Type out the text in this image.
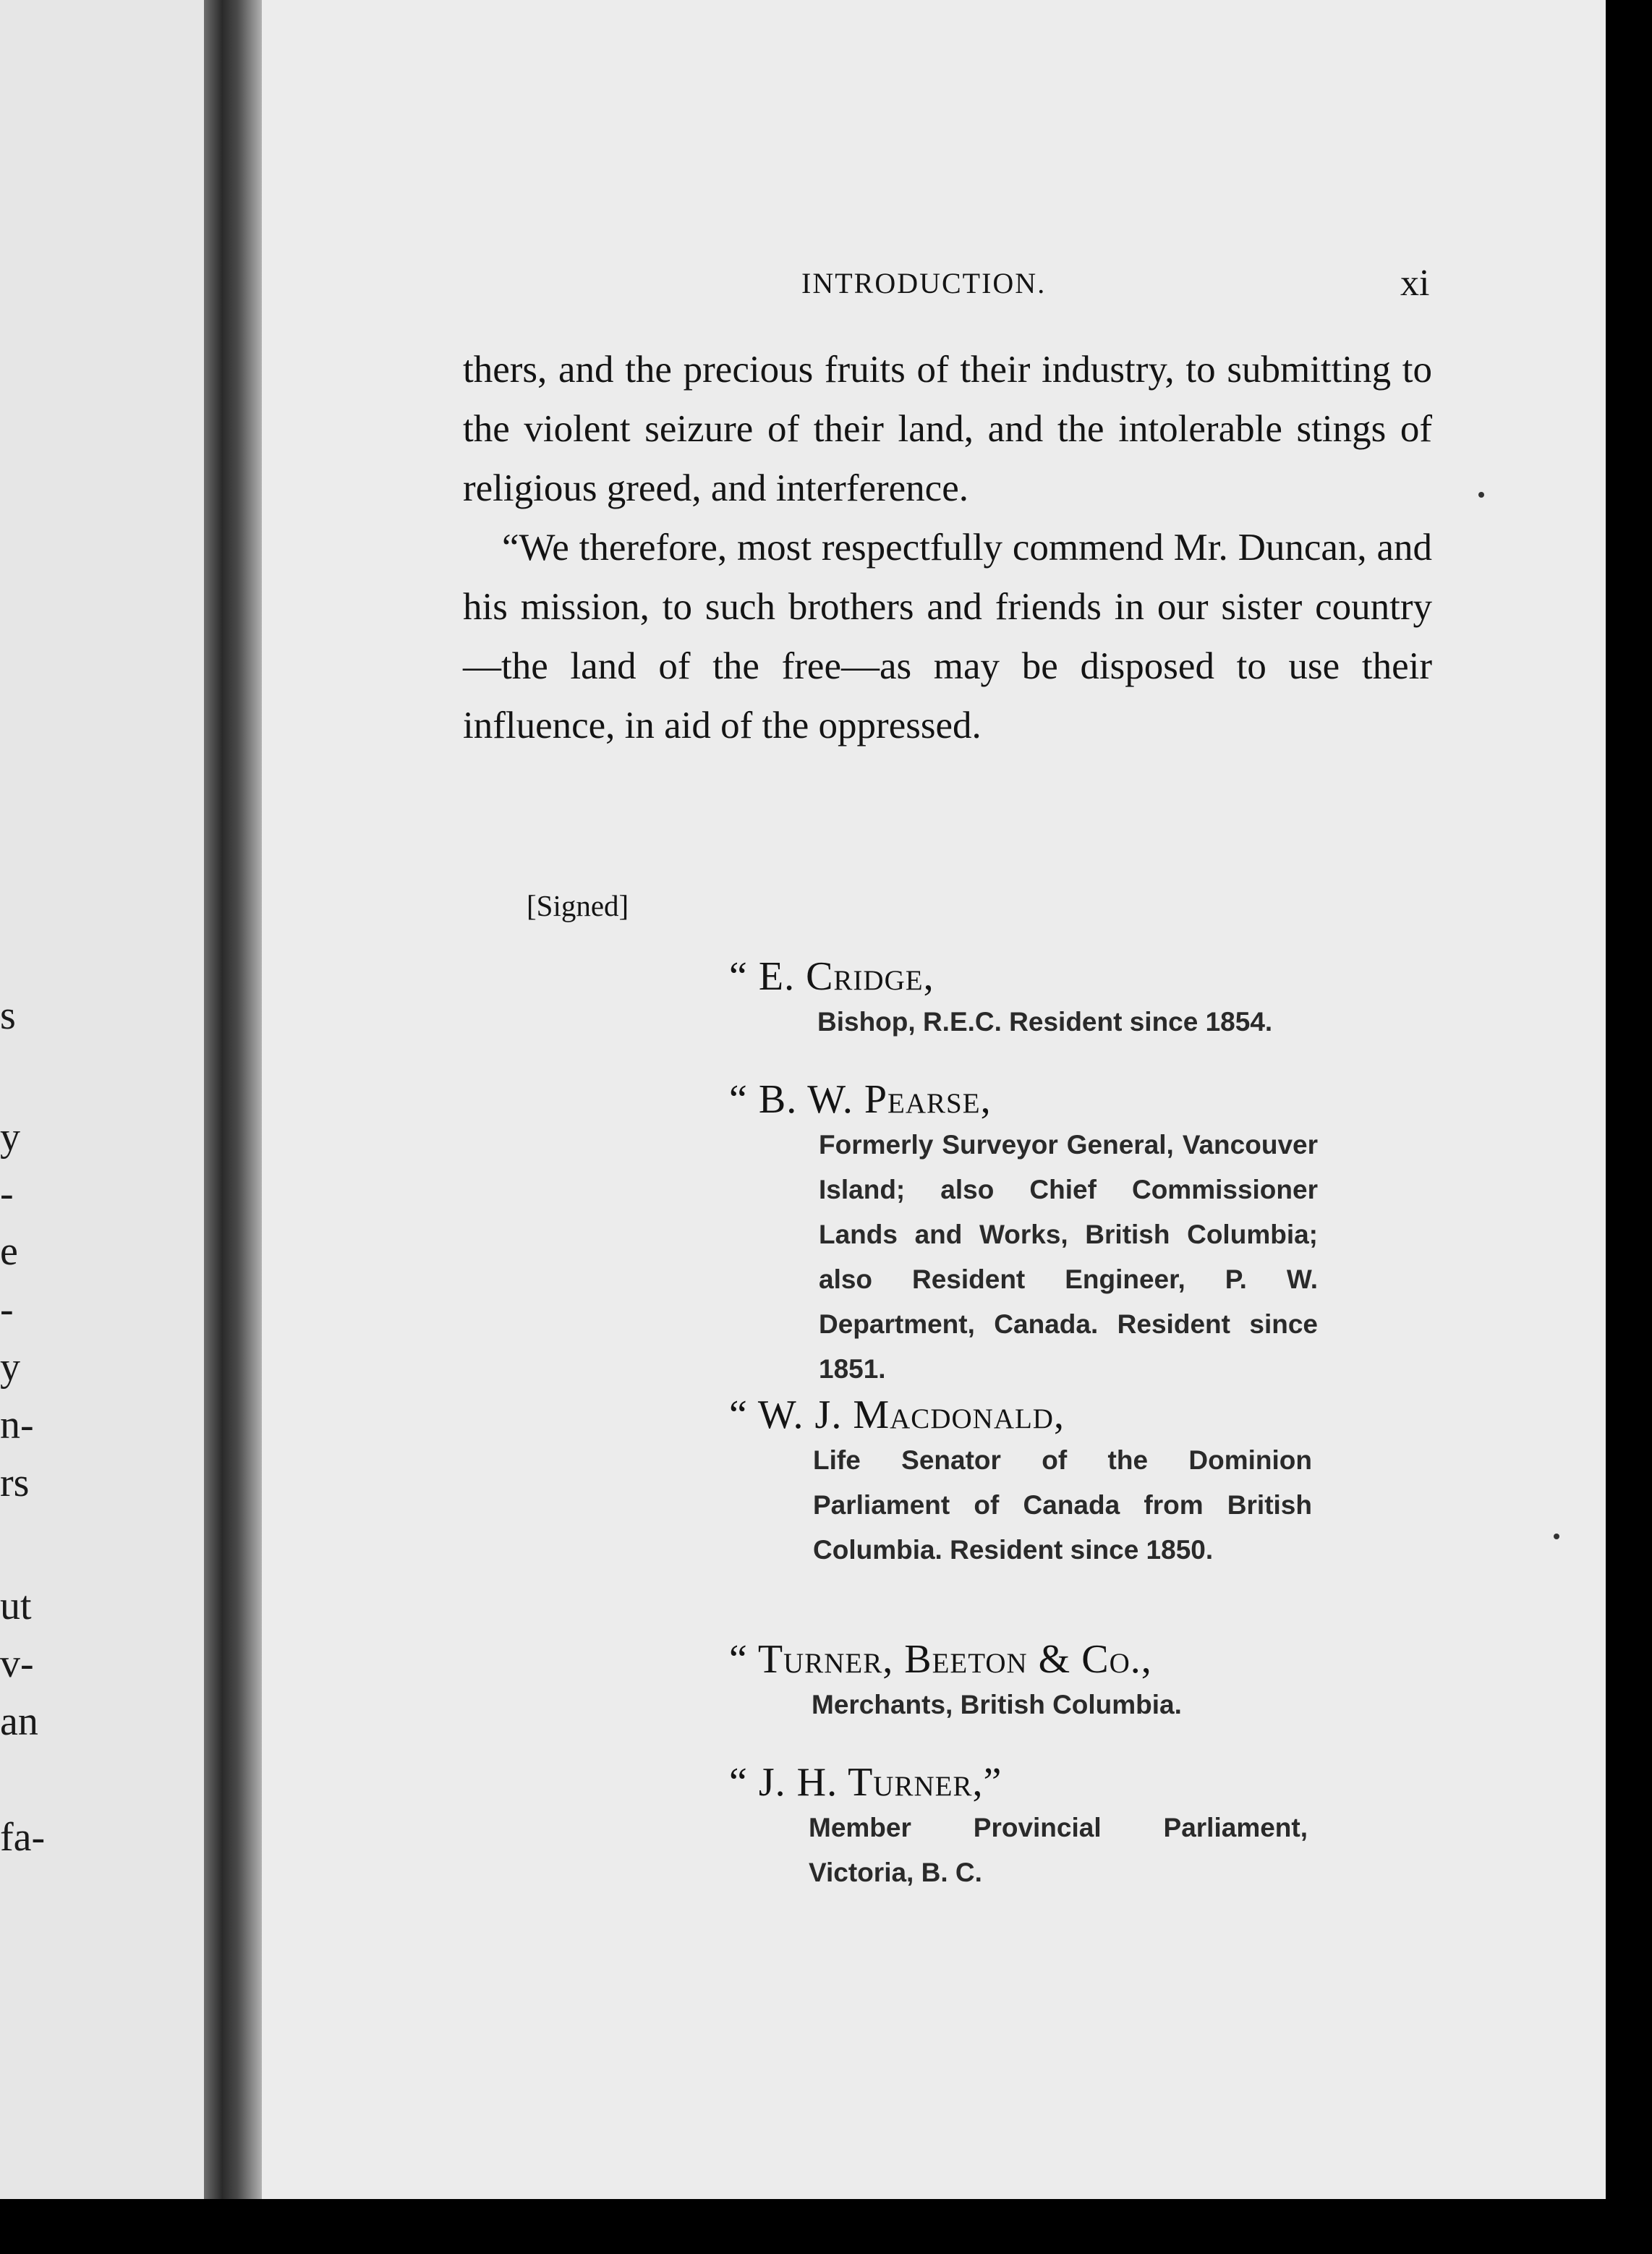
s
y
-
e
-
y
n-
rs
ut
v-
an
fa-
INTRODUCTION.	xi

thers, and the precious fruits of their industry, to submitting to the violent seizure of their land, and the intolerable stings of religious greed, and interference.

“We therefore, most respectfully commend Mr. Duncan, and his mission, to such brothers and friends in our sister country—the land of the free—as may be disposed to use their influence, in aid of the oppressed.

[Signed]
“ E. Cridge,
Bishop, R.E.C. Resident since 1854.
“ B. W. Pearse,
Formerly Surveyor General, Vancouver Island; also Chief Commissioner Lands and Works, British Columbia; also Resident Engineer, P. W. Department, Canada. Resident since 1851.
“ W. J. Macdonald,
Life Senator of the Dominion Parliament of Canada from British Columbia. Resident since 1850.
“ Turner, Beeton & Co.,
Merchants, British Columbia.
“ J. H. Turner,”
Member Provincial Parliament, Victoria, B. C.
